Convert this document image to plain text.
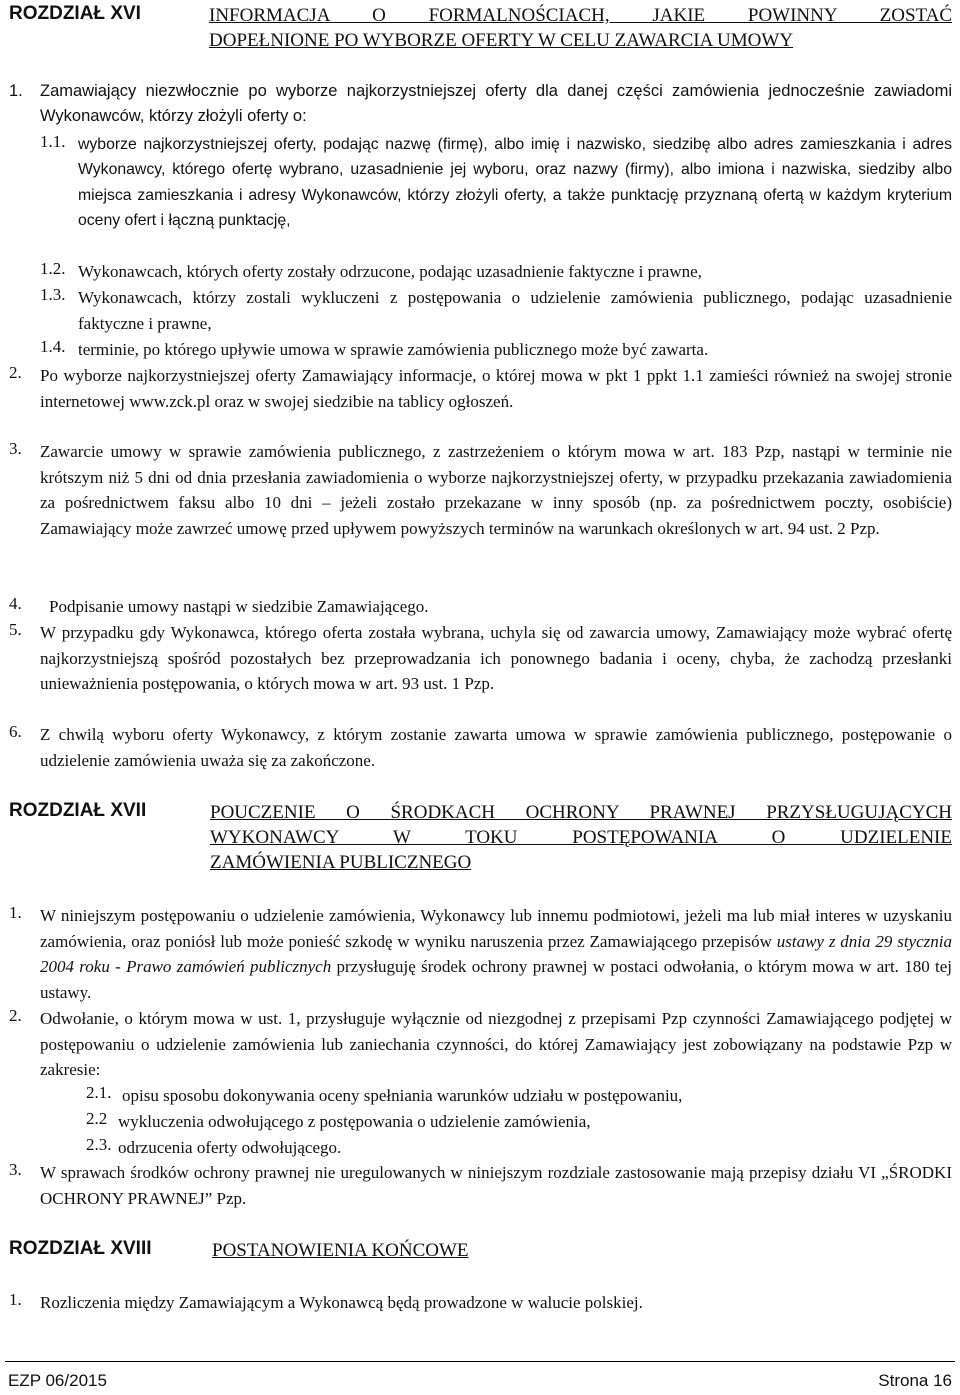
ROZDZIAŁ XVI	INFORMACJA O FORMALNOŚCIACH, JAKIE POWINNY ZOSTAĆ
DOPEŁNIONE PO WYBORZE OFERTY W CELU ZAWARCIA UMOWY
1. Zamawiający niezwłocznie po wyborze najkorzystniejszej oferty dla danej części zamówienia jednocześnie zawiadomi Wykonawców, którzy złożyli oferty o:
1.1. wyborze najkorzystniejszej oferty, podając nazwę (firmę), albo imię i nazwisko, siedzibę albo adres zamieszkania i adres Wykonawcy, którego ofertę wybrano, uzasadnienie jej wyboru, oraz nazwy (firmy), albo imiona i nazwiska, siedziby albo miejsca zamieszkania i adresy Wykonawców, którzy złożyli oferty, a także punktację przyznaną ofertą w każdym kryterium oceny ofert i łączną punktację,
1.2. Wykonawcach, których oferty zostały odrzucone, podając uzasadnienie faktyczne i prawne,
1.3. Wykonawcach, którzy zostali wykluczeni z postępowania o udzielenie zamówienia publicznego, podając uzasadnienie faktyczne i prawne,
1.4. terminie, po którego upływie umowa w sprawie zamówienia publicznego może być zawarta.
2. Po wyborze najkorzystniejszej oferty Zamawiający informacje, o której mowa w pkt 1 ppkt 1.1 zamieści również na swojej stronie internetowej www.zck.pl oraz w swojej siedzibie na tablicy ogłoszeń.
3. Zawarcie umowy w sprawie zamówienia publicznego, z zastrzeżeniem o którym mowa w art. 183 Pzp, nastąpi w terminie nie krótszym niż 5 dni od dnia przesłania zawiadomienia o wyborze najkorzystniejszej oferty, w przypadku przekazania zawiadomienia za pośrednictwem faksu albo 10 dni – jeżeli zostało przekazane w inny sposób (np. za pośrednictwem poczty, osobiście) Zamawiający może zawrzeć umowę przed upływem powyższych terminów na warunkach określonych w art. 94 ust. 2 Pzp.
4. Podpisanie umowy nastąpi w siedzibie Zamawiającego.
5. W przypadku gdy Wykonawca, którego oferta została wybrana, uchyla się od zawarcia umowy, Zamawiający może wybrać ofertę najkorzystniejszą spośród pozostałych bez przeprowadzania ich ponownego badania i oceny, chyba, że zachodzą przesłanki unieważnienia postępowania, o których mowa w art. 93 ust. 1 Pzp.
6. Z chwilą wyboru oferty Wykonawcy, z którym zostanie zawarta umowa w sprawie zamówienia publicznego, postępowanie o udzielenie zamówienia uważa się za zakończone.
ROZDZIAŁ XVII	POUCZENIE O ŚRODKACH OCHRONY PRAWNEJ PRZYSŁUGUJĄCYCH
WYKONAWCY W TOKU POSTĘPOWANIA O UDZIELENIE
ZAMÓWIENIA PUBLICZNEGO
1. W niniejszym postępowaniu o udzielenie zamówienia, Wykonawcy lub innemu podmiotowi, jeżeli ma lub miał interes w uzyskaniu zamówienia, oraz poniósł lub może ponieść szkodę w wyniku naruszenia przez Zamawiającego przepisów ustawy z dnia 29 stycznia 2004 roku - Prawo zamówień publicznych przysługuję środek ochrony prawnej w postaci odwołania, o którym mowa w art. 180 tej ustawy.
2. Odwołanie, o którym mowa w ust. 1, przysługuje wyłącznie od niezgodnej z przepisami Pzp czynności Zamawiającego podjętej w postępowaniu o udzielenie zamówienia lub zaniechania czynności, do której Zamawiający jest zobowiązany na podstawie Pzp w zakresie:
2.1. opisu sposobu dokonywania oceny spełniania warunków udziału w postępowaniu,
2.2 wykluczenia odwołującego z postępowania o udzielenie zamówienia,
2.3. odrzucenia oferty odwołującego.
3. W sprawach środków ochrony prawnej nie uregulowanych w niniejszym rozdziale zastosowanie mają przepisy działu VI „ŚRODKI OCHRONY PRAWNEJ” Pzp.
ROZDZIAŁ XVIII	POSTANOWIENIA KOŃCOWE
1. Rozliczenia między Zamawiającym a Wykonawcą będą prowadzone w walucie polskiej.
EZP 06/2015	Strona 16
